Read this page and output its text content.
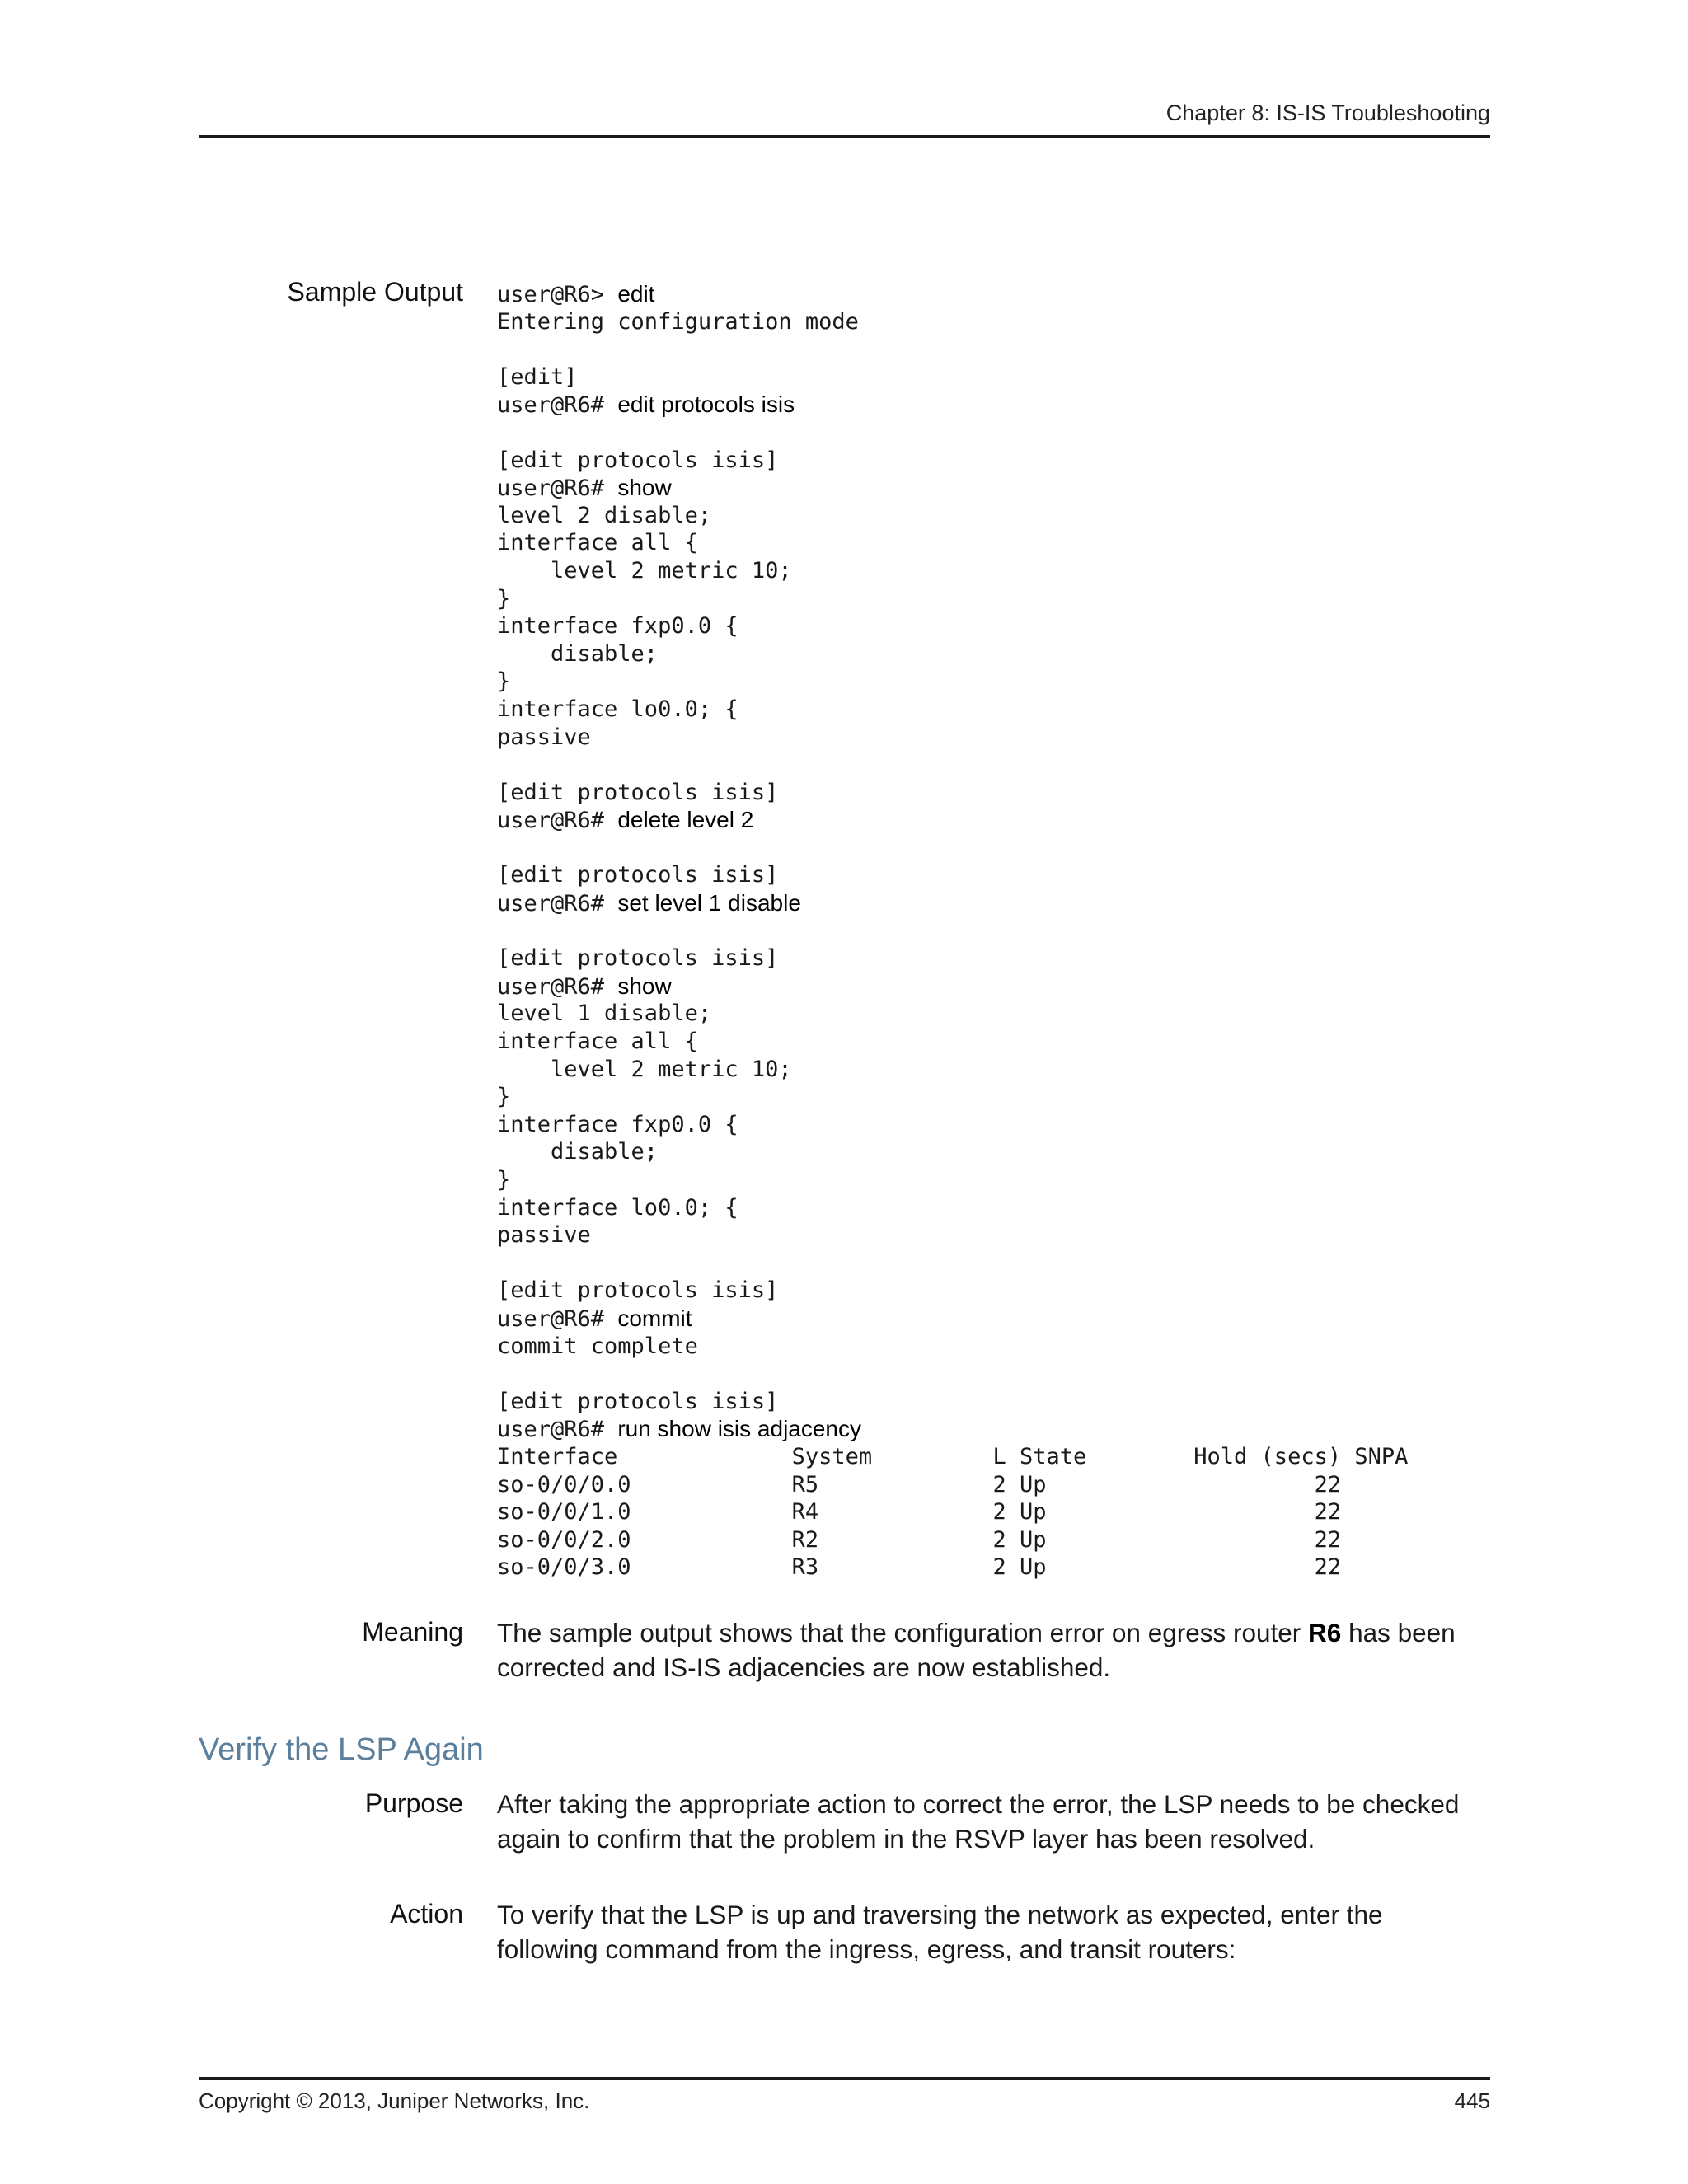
Chapter 8: IS-IS Troubleshooting
Sample Output user@R6> edit
Entering configuration mode
[edit]
user@R6# edit protocols isis
[edit protocols isis]
user@R6# show
level 2 disable;
interface all {
level 2 metric 10;
}
interface fxp0.0 {
disable;
}
interface lo0.0; {
passive
[edit protocols isis]
user@R6# delete level 2
[edit protocols isis]
user@R6# set level 1 disable
[edit protocols isis]
user@R6# show
level 1 disable;
interface all {
level 2 metric 10;
}
interface fxp0.0 {
disable;
}
interface lo0.0; {
passive
[edit protocols isis]
user@R6# commit
commit complete
[edit protocols isis]
user@R6# run show isis adjacency
Interface             System         L State        Hold (secs) SNPA
so-0/0/0.0            R5             2 Up                    22
so-0/0/1.0            R4             2 Up                    22
so-0/0/2.0            R2             2 Up                    22
so-0/0/3.0            R3             2 Up                    22
Meaning The sample output shows that the configuration error on egress router R6 has been corrected and IS-IS adjacencies are now established.
Verify the LSP Again
Purpose After taking the appropriate action to correct the error, the LSP needs to be checked again to confirm that the problem in the RSVP layer has been resolved.
Action To verify that the LSP is up and traversing the network as expected, enter the following command from the ingress, egress, and transit routers:
Copyright © 2013, Juniper Networks, Inc.	445
